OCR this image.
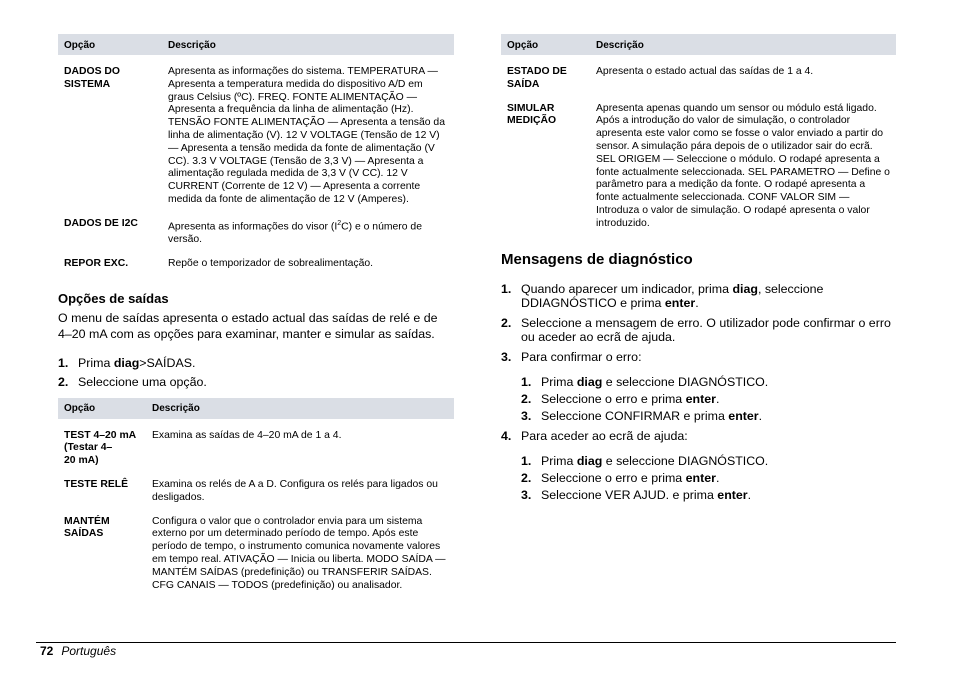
Opção	Descrição
DADOS DO SISTEMA	Apresenta as informações do sistema. TEMPERATURA — Apresenta a temperatura medida do dispositivo A/D em graus Celsius (ºC). FREQ. FONTE ALIMENTAÇÃO — Apresenta a frequência da linha de alimentação (Hz). TENSÃO FONTE ALIMENTAÇÃO — Apresenta a tensão da linha de alimentação (V). 12 V VOLTAGE (Tensão de 12 V) — Apresenta a tensão medida da fonte de alimentação (V CC). 3.3 V VOLTAGE (Tensão de 3,3 V) — Apresenta a alimentação regulada medida de 3,3 V (V CC). 12 V CURRENT (Corrente de 12 V) — Apresenta a corrente medida da fonte de alimentação de 12 V (Amperes).
DADOS DE I2C	Apresenta as informações do visor $(I^2C)$ e o número de versão.
REPOR EXC.	Repõe o temporizador de sobrealimentação.
Opções de saídas

O menu de saídas apresenta o estado actual das saídas de relé e de 4–20 mA com as opções para examinar, manter e simular as saídas.

1. Prima diag>SAÍDAS.
2. Seleccione uma opção.
Opção	Descrição
TEST 4–20 mA
(Testar 4–
20 mA)	Examina as saídas de 4–20 mA de 1 a 4.
TESTE RELÊ	Examina os relés de A a D. Configura os relés para ligados ou desligados.
MANTÉM SAÍDAS	Configura o valor que o controlador envia para um sistema externo por um determinado período de tempo. Após este período de tempo, o instrumento comunica novamente valores em tempo real. ATIVAÇÃO — Inicia ou liberta. MODO SAÍDA — MANTÉM SAÍDAS (predefinição) ou TRANSFERIR SAÍDAS. CFG CANAIS — TODOS (predefinição) ou analisador.
Opção	Descrição
ESTADO DE SAÍDA	Apresenta o estado actual das saídas de 1 a 4.
SIMULAR MEDIÇÃO	Apresenta apenas quando um sensor ou módulo está ligado. Após a introdução do valor de simulação, o controlador apresenta este valor como se fosse o valor enviado a partir do sensor. A simulação pára depois de o utilizador sair do ecrã. SEL ORIGEM — Seleccione o módulo. O rodapé apresenta a fonte actualmente seleccionada. SEL PARAMETRO — Define o parâmetro para a medição da fonte. O rodapé apresenta a fonte actualmente seleccionada. CONF VALOR SIM — Introduza o valor de simulação. O rodapé apresenta o valor introduzido.
Mensagens de diagnóstico
1. Quando aparecer um indicador, prima diag, seleccione DDIAGNÓSTICO e prima enter.
2. Seleccione a mensagem de erro. O utilizador pode confirmar o erro ou aceder ao ecrã de ajuda.
3. Para confirmar o erro:
1. Prima diag e seleccione DIAGNÓSTICO.
2. Seleccione o erro e prima enter.
3. Seleccione CONFIRMAR e prima enter.
4. Para aceder ao ecrã de ajuda:
1. Prima diag e seleccione DIAGNÓSTICO.
2. Seleccione o erro e prima enter.
3. Seleccione VER AJUD. e prima enter.
72 Português
